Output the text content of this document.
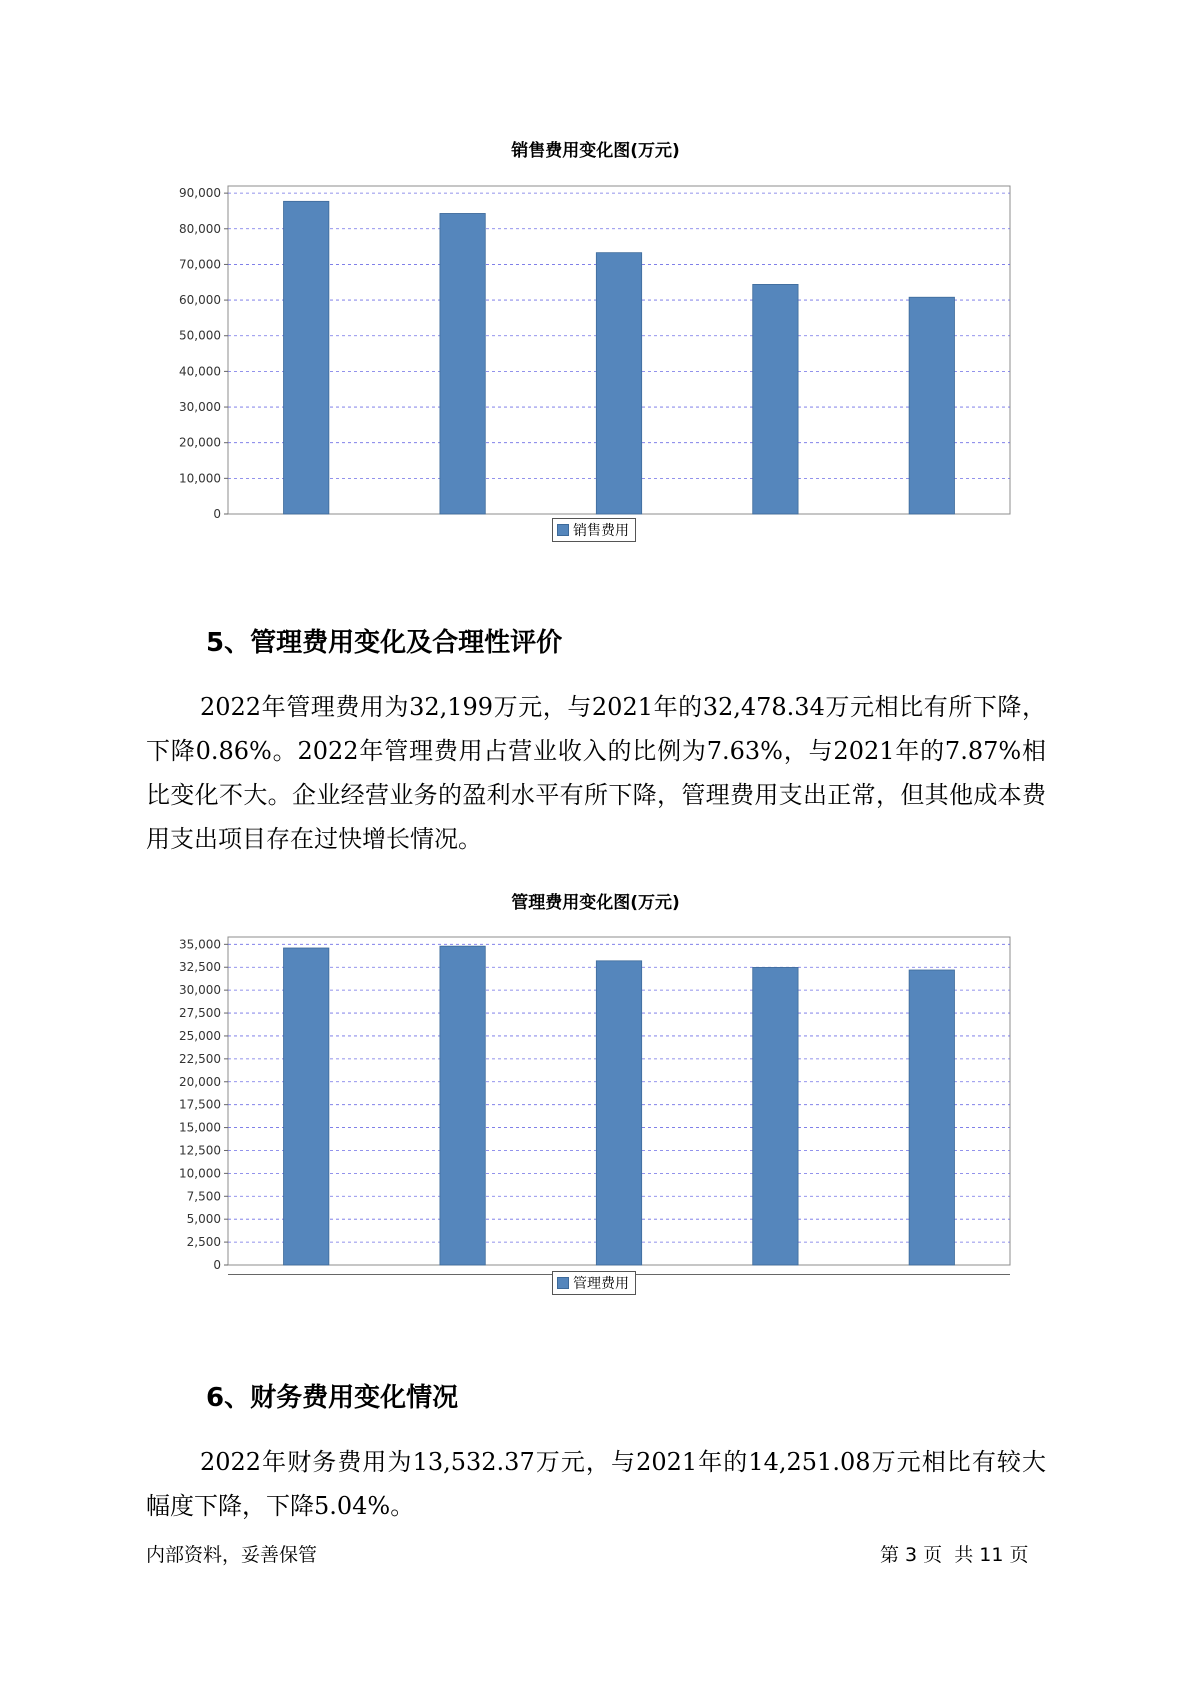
销售费用变化图(万元)
0
10,000
20,000
30,000
40,000
50,000
60,000
70,000
80,000
90,000
销售费用
5、管理费用变化及合理性评价

2022年管理费用为32,199万元，与2021年的32,478.34万元相比有所下降，下降0.86%。2022年管理费用占营业收入的比例为7.63%，与2021年的7.87%相比变化不大。企业经营业务的盈利水平有所下降，管理费用支出正常，但其他成本费用支出项目存在过快增长情况。

管理费用变化图(万元)
0
2,500
5,000
7,500
10,000
12,500
15,000
17,500
20,000
22,500
25,000
27,500
30,000
32,500
35,000
管理费用
6、财务费用变化情况

2022年财务费用为13,532.37万元，与2021年的14,251.08万元相比有较大幅度下降，下降5.04%。

内部资料，妥善保管	第 3 页  共 11 页
